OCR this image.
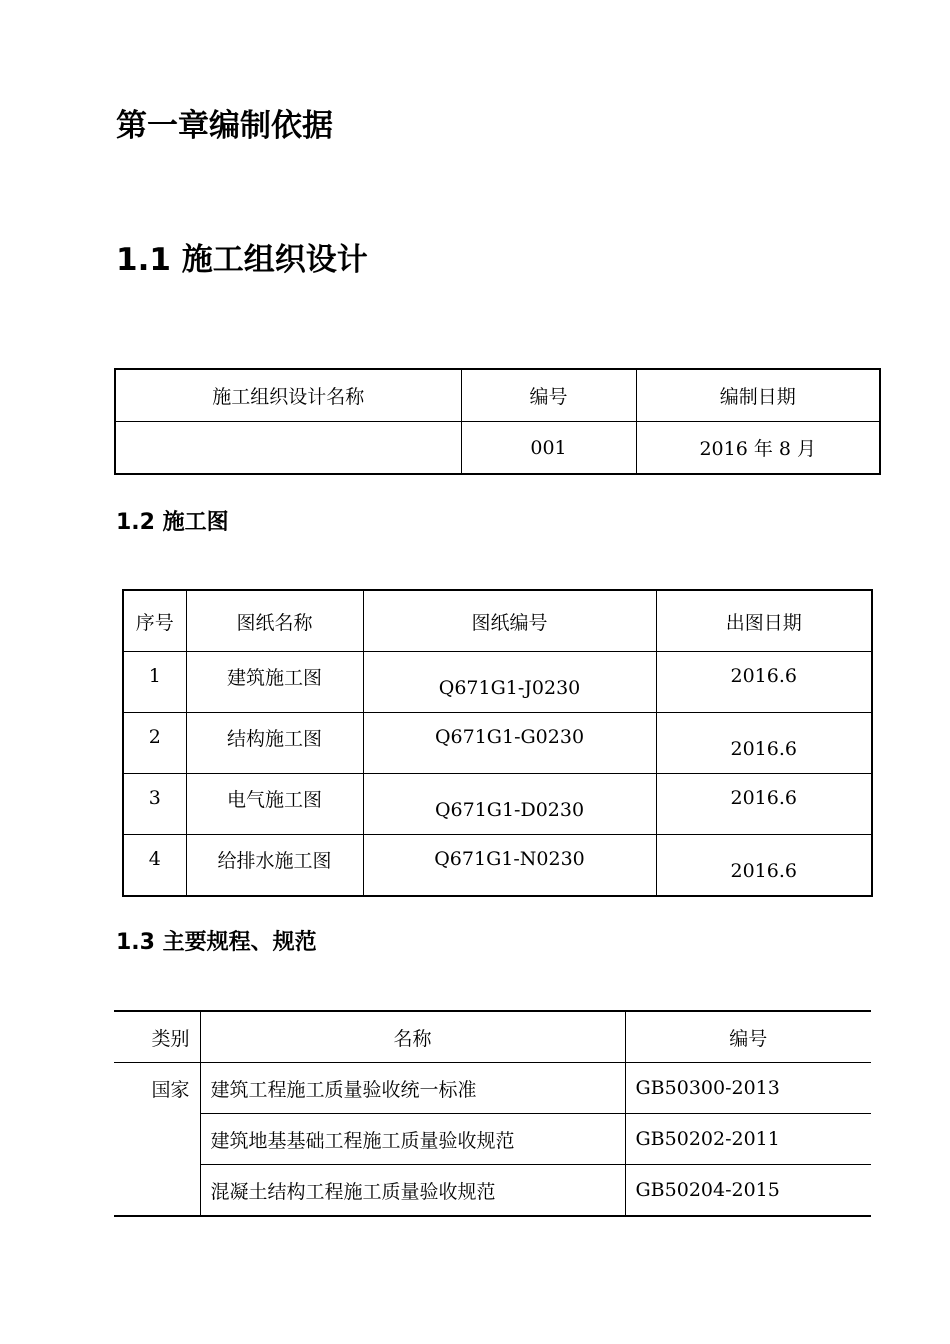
第一章编制依据
1.1 施工组织设计
施工组织设计名称	编号	编制日期
	001	2016 年 8 月
1.2 施工图
序号	图纸名称	图纸编号	出图日期
1	建筑施工图	Q671G1-J0230	2016.6
2	结构施工图	Q671G1-G0230	2016.6
3	电气施工图	Q671G1-D0230	2016.6
4	给排水施工图	Q671G1-N0230	2016.6
1.3 主要规程、规范
类别	名称	编号
国家	建筑工程施工质量验收统一标准	GB50300-2013
	建筑地基基础工程施工质量验收规范	GB50202-2011
	混凝土结构工程施工质量验收规范	GB50204-2015
